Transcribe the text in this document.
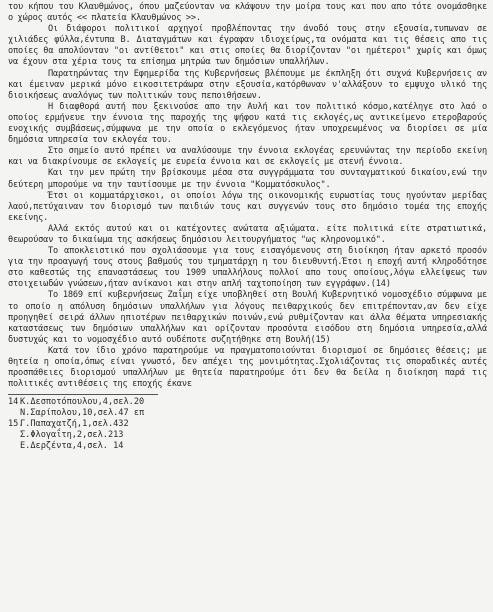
του κήπου του Κλαυθμώνος, όπου μαζεύονταν να κλάψουν την μοίρα τους και που απο τότε ονομάσθηκε ο χώρος αυτός << πλατεία Κλαυθμώνος >>.

Οι διάφοροι πολιτικοί αρχηγοί προβλέποντας την άνοδό τους στην εξουσία,τυπωναν σε χιλιάδες φύλλα,έντυπα Β. Διαταγμάτων και έγραφαν ιδιοχείρως,τα ονόματα και τις θέσεις απο τις οποίες θα απολύονταν "οι αντίθετοι" και στις οποίες θα διορίζονταν "οι ημέτεροι" χωρίς και όμως να έχουν στα χέρια τους τα επίσημα μητρώα των δημόσιων υπαλλήλων.

Παρατηρώντας την Εφημερίδα της Κυβερνήσεως βλέπουμε με έκπληξη ότι συχνά Κυβερνήσεις αν και έμειναν μερικά μόνο εικοσιτετράωρα στην εξουσία,κατόρθωναν ν'αλλάξουν το εμψυχο υλικό της διοικήσεως αναλόγως των πολιτικών τους πεποιθήσεων.

Η διαφθορά αυτή που ξεκινούσε απο την Αυλή και τον πολιτικό κόσμο,κατέληγε στο λαό ο οποίος ερμήνευε την έννοια της παροχής της ψήφου κατά τις εκλογές,ως αντικείμενο ετεροβαρούς ενοχικής συμβάσεως,σύμφωνα με την οποία ο εκλεγόμενος ήταν υποχρεωμένος να διορίσει σε μία δημόσια υπηρεσία τον εκλογέα του.

Στο σημείο αυτό πρέπει να αναλύσουμε την έννοια εκλογέας ερευνώντας την περίοδο εκείνη και να διακρίνουμε σε εκλογείς με ευρεία έννοια και σε εκλογείς με στενή έννοια.

Και την μεν πρώτη την βρίσκουμε μέσα στα συγγράμματα του συνταγματικού δικαίου,ενώ την δεύτερη μπορούμε να την ταυτίσουμε με την έννοια "Κομματόσκυλος".

Έτσι οι κομματάρχισκοι, οι οποίοι λόγω της οικονομικής ευρωστίας τους ηγούνταν μερίδας λαού,πετύχαιναν τον διορισμό των παιδιών τους και συγγενών τους στο δημόσιο τομέα της εποχής εκείνης.

Αλλά εκτός αυτού και οι κατέχοντες ανώτατα αξιώματα. είτε πολιτικά είτε στρατιωτικά, θεωρούσαν το δικαίωμα της ασκήσεως δημόσιου λειτουργήματος "ως κληρονομικό".

Το αποκλειστικό που σχολιάσουμε για τους εισαγόμενους στη διοίκηση ήταν αρκετό προσόν για την προαγωγή τους στους βαθμούς του τμηματάρχη η του διευθυντή.Έτσι η εποχή αυτή κληροδότησε στο καθεστώς της επαναστάσεως του 1909 υπαλλήλους πολλοί απο τους οποίους,λόγω ελλείψεως των στοιχειωδών γνώσεων,ήταν ανίκανοι και στην απλή ταχτοποίηση των εγγράφων.(14)

Το 1869 επί κυβερνήσεως Ζαΐμη είχε υποβληθεί στη Βουλή Κυβερνητικό νομοσχέδιο σύμφωνα με το οποίο η απόλυση δημόσιων υπαλλήλων για λόγους πειθαρχικούς δεν επιτρέπονταν,αν δεν είχε προηγηθεί σειρά άλλων ηπιοτέρων πειθαρχικών ποινών,ενώ ρυθμίζονταν και άλλα θέματα υπηρεσιακής καταστάσεως των δημόσιων υπαλλήλων και ορίζονταν προσόντα εισόδου στη δημόσια υπηρεσία,αλλά δυστυχώς και το νομοσχέδιο αυτό ουδέποτε συζητήθηκε στη Βουλή(15)

Κατά τον ίδιο χρόνο παρατηρούμε να πραγματοποιούνται διορισμοί σε δημόσιες θέσεις; με θητεία η οποία,όπως είναι γνωστό, δεν απέχει της μονιμότητας.Σχολιάζοντας τις σποραδικές αυτές προσπάθειες διορισμού υπαλλήλων με θητεία παρατηρούμε ότι δεν θα δείλα η διοίκηση παρά τις πολιτικές αντιθέσεις της εποχής έκανε

14.Κ.Δεσποτόπουλου,4,σελ.20
Ν.Σαρίπολου,10,σελ.47 επ
15.Γ.Παπαχατζή,1,σελ.432
Σ.Φλογαΐτη,2,σελ.213
Ε.Δερζέντα,4,σελ. 14
